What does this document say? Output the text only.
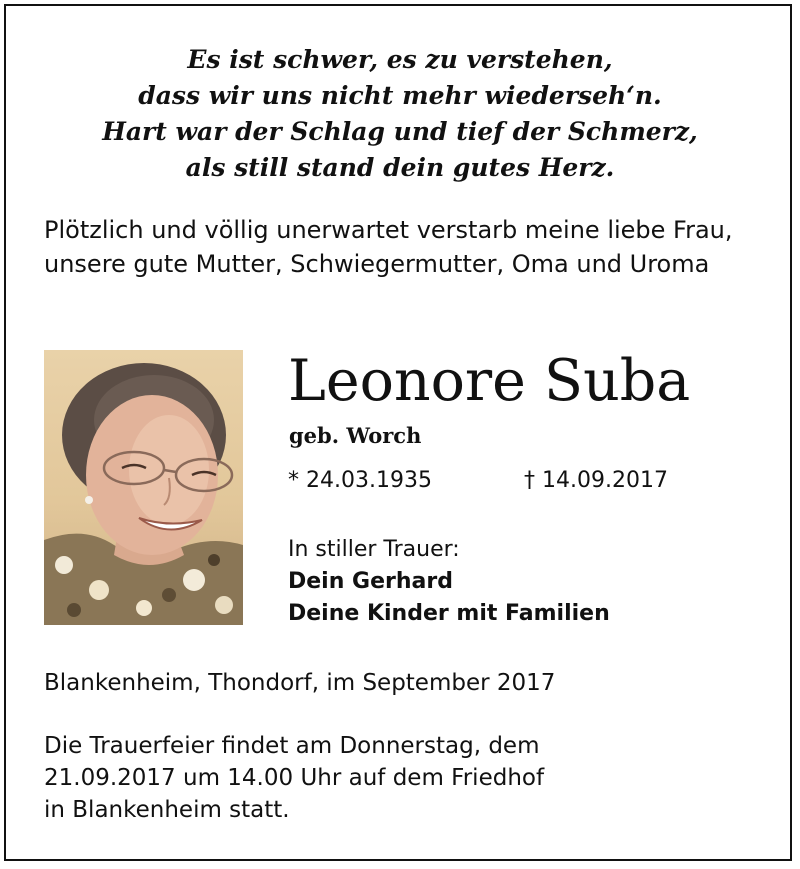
Es ist schwer, es zu verstehen,
dass wir uns nicht mehr wiederseh‘n.
Hart war der Schlag und tief der Schmerz,
als still stand dein gutes Herz.
Plötzlich und völlig unerwartet verstarb meine liebe Frau, unsere gute Mutter, Schwiegermutter, Oma und Uroma
Leonore Suba
geb. Worch
* 24.03.1935	† 14.09.2017
In stiller Trauer:
Dein Gerhard
Deine Kinder mit Familien
Blankenheim, Thondorf, im September 2017
Die Trauerfeier findet am Donnerstag, dem
21.09.2017 um 14.00 Uhr auf dem Friedhof
in Blankenheim statt.
